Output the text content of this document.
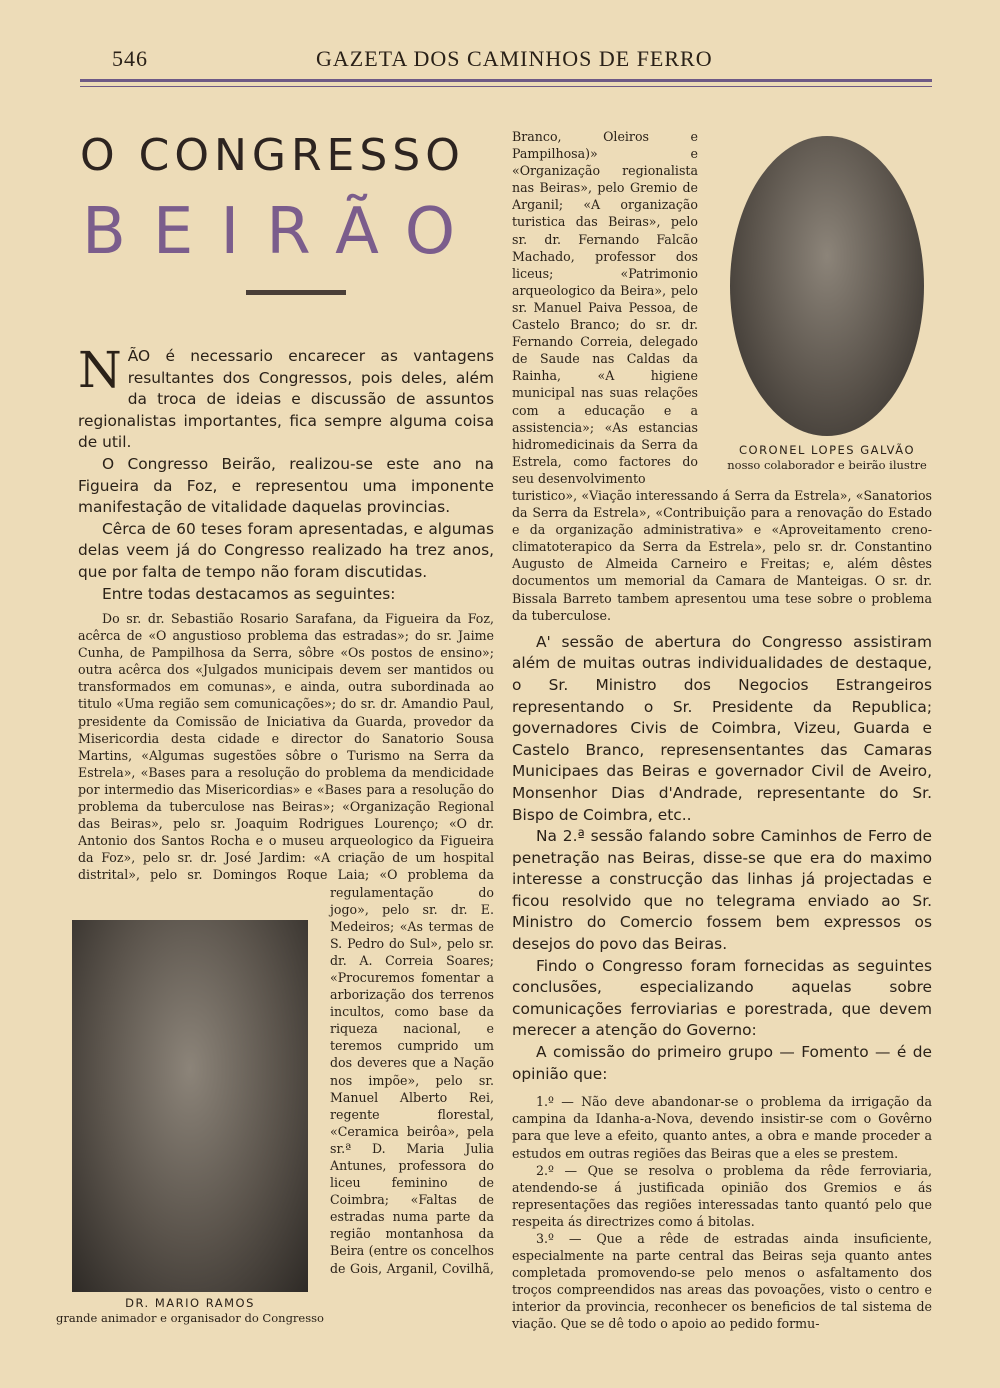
546	GAZETA DOS CAMINHOS DE FERRO
O CONGRESSO
BEIRÃO

NÃO é necessario encarecer as vantagens resultantes dos Congressos, pois deles, além da troca de ideias e discussão de assuntos regionalistas importantes, fica sempre alguma coisa de util.

O Congresso Beirão, realizou-se este ano na Figueira da Foz, e representou uma imponente manifestação de vitalidade daquelas provincias.

Cêrca de 60 teses foram apresentadas, e algumas delas veem já do Congresso realizado ha trez anos, que por falta de tempo não foram discutidas.

Entre todas destacamos as seguintes:

Do sr. dr. Sebastião Rosario Sarafana, da Figueira da Foz, acêrca de «O angustioso problema das estradas»; do sr. Jaime Cunha, de Pampilhosa da Serra, sôbre «Os postos de ensino»; outra acêrca dos «Julgados municipais devem ser mantidos ou transformados em comunas», e ainda, outra subordinada ao titulo «Uma região sem comunicações»; do sr. dr. Amandio Paul, presidente da Comissão de Iniciativa da Guarda, provedor da Misericordia desta cidade e director do Sanatorio Sousa Martins, «Algumas sugestões sôbre o Turismo na Serra da Estrela», «Bases para a resolução do problema da mendicidade por intermedio das Misericordias» e «Bases para a resolução do problema da tuberculose nas Beiras»; «Organização Regional das Beiras», pelo sr. Joaquim Rodrigues Lourenço; «O dr. Antonio dos Santos Rocha e o museu arqueologico da Figueira da Foz», pelo sr. dr. José Jardim: «A criação de um hospital distrital», pelo sr. Domingos Roque Laia; «O problema da regulamentação do jogo», pelo sr. dr. E. Medeiros; «As termas de S. Pedro do Sul», pelo sr. dr. A. Correia Soares; «Procuremos fomentar a arborização dos terrenos incultos, como base da riqueza nacional, e teremos cumprido um dos deveres que a Nação nos impõe», pelo sr. Manuel Alberto Rei, regente florestal, «Ceramica beirôa», pela sr.ª D. Maria Julia Antunes, professora do liceu feminino de Coimbra; «Faltas de estradas numa parte da região montanhosa da Beira (entre os concelhos de Gois, Arganil, Covilhã,

DR. MARIO RAMOS
grande animador e organisador do Congresso
CORONEL LOPES GALVÃO
nosso colaborador e beirão ilustre

Branco, Oleiros e Pampilhosa)» e «Organização regionalista nas Beiras», pelo Gremio de Arganil; «A organização turistica das Beiras», pelo sr. dr. Fernando Falcão Machado, professor dos liceus; «Patrimonio arqueologico da Beira», pelo sr. Manuel Paiva Pessoa, de Castelo Branco; do sr. dr. Fernando Correia, delegado de Saude nas Caldas da Rainha, «A higiene municipal nas suas relações com a educação e a assistencia»; «As estancias hidromedicinais da Serra da Estrela, como factores do seu desenvolvimento

turistico», «Viação interessando á Serra da Estrela», «Sanatorios da Serra da Estrela», «Contribuição para a renovação do Estado e da organização administrativa» e «Aproveitamento creno-climatoterapico da Serra da Estrela», pelo sr. dr. Constantino Augusto de Almeida Carneiro e Freitas; e, além dêstes documentos um memorial da Camara de Manteigas. O sr. dr. Bissala Barreto tambem apresentou uma tese sobre o problema da tuberculose.

A' sessão de abertura do Congresso assistiram além de muitas outras individualidades de destaque, o Sr. Ministro dos Negocios Estrangeiros representando o Sr. Presidente da Republica; governadores Civis de Coimbra, Vizeu, Guarda e Castelo Branco, represensentantes das Camaras Municipaes das Beiras e governador Civil de Aveiro, Monsenhor Dias d'Andrade, representante do Sr. Bispo de Coimbra, etc..

Na 2.ª sessão falando sobre Caminhos de Ferro de penetração nas Beiras, disse-se que era do maximo interesse a construcção das linhas já projectadas e ficou resolvido que no telegrama enviado ao Sr. Ministro do Comercio fossem bem expressos os desejos do povo das Beiras.

Findo o Congresso foram fornecidas as seguintes conclusões, especializando aquelas sobre comunicações ferroviarias e porestrada, que devem merecer a atenção do Governo:

A comissão do primeiro grupo — Fomento — é de opinião que:

1.º — Não deve abandonar-se o problema da irrigação da campina da Idanha-a-Nova, devendo insistir-se com o Govêrno para que leve a efeito, quanto antes, a obra e mande proceder a estudos em outras regiões das Beiras que a eles se prestem.

2.º — Que se resolva o problema da rêde ferroviaria, atendendo-se á justificada opinião dos Gremios e ás representações das regiões interessadas tanto quantó pelo que respeita ás directrizes como á bitolas.

3.º — Que a rêde de estradas ainda insuficiente, especialmente na parte central das Beiras seja quanto antes completada promovendo-se pelo menos o asfaltamento dos troços compreendidos nas areas das povoações, visto o centro e interior da provincia, reconhecer os beneficios de tal sistema de viação. Que se dê todo o apoio ao pedido formu-
